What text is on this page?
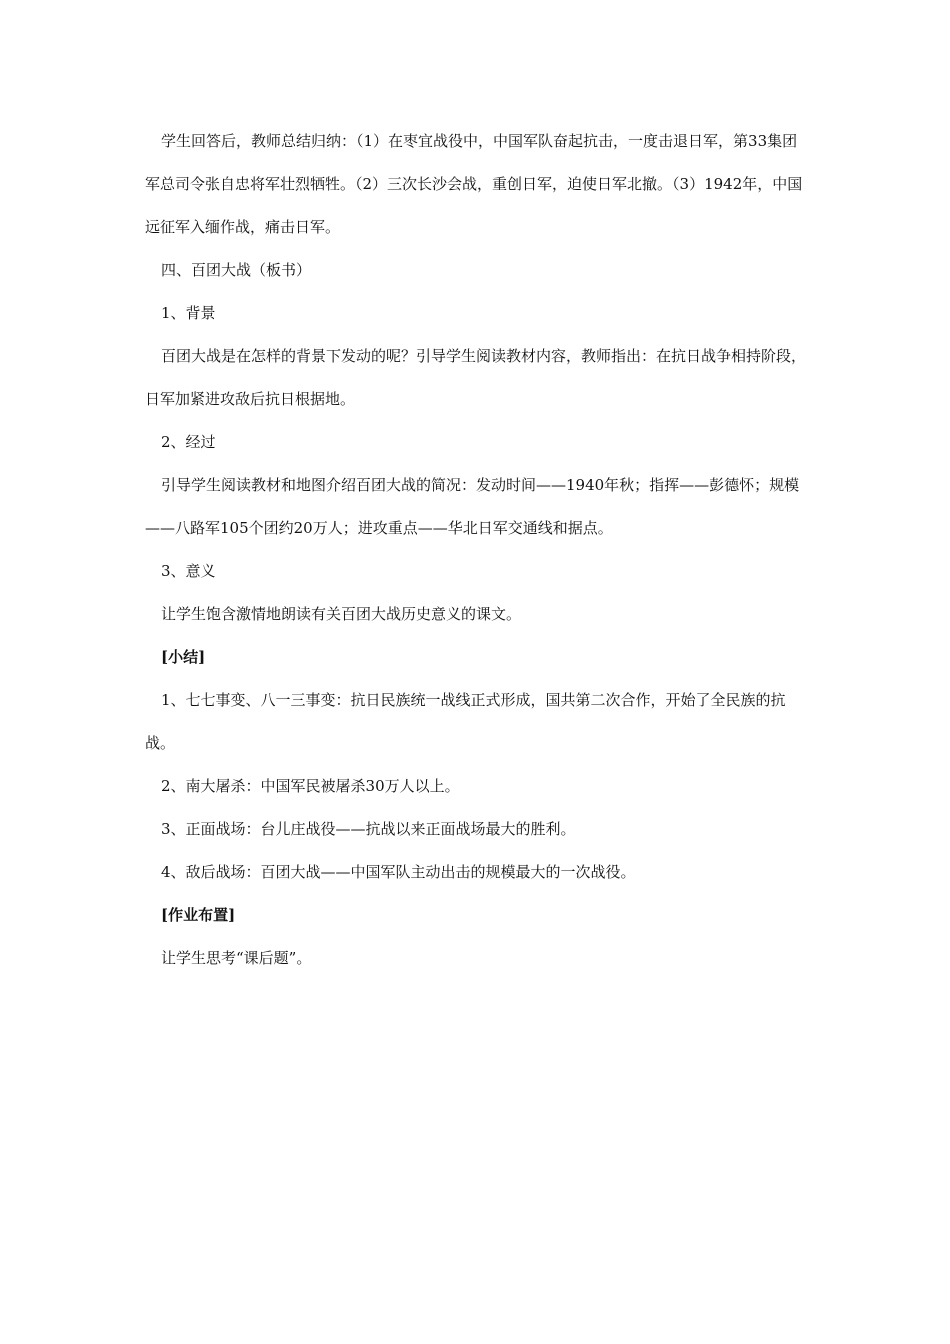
学生回答后，教师总结归纳：（1）在枣宜战役中，中国军队奋起抗击，一度击退日军，第33集团军总司令张自忠将军壮烈牺牲。（2）三次长沙会战，重创日军，迫使日军北撤。（3）1942年，中国远征军入缅作战，痛击日军。

四、百团大战（板书）

1、背景

百团大战是在怎样的背景下发动的呢？引导学生阅读教材内容，教师指出：在抗日战争相持阶段，日军加紧进攻敌后抗日根据地。

2、经过

引导学生阅读教材和地图介绍百团大战的简况：发动时间——1940年秋；指挥——彭德怀；规模——八路军105个团约20万人；进攻重点——华北日军交通线和据点。

3、意义

让学生饱含激情地朗读有关百团大战历史意义的课文。

[小结]

1、七七事变、八一三事变：抗日民族统一战线正式形成，国共第二次合作，开始了全民族的抗战。

2、南大屠杀：中国军民被屠杀30万人以上。

3、正面战场：台儿庄战役——抗战以来正面战场最大的胜利。

4、敌后战场：百团大战——中国军队主动出击的规模最大的一次战役。

[作业布置]

让学生思考“课后题”。
